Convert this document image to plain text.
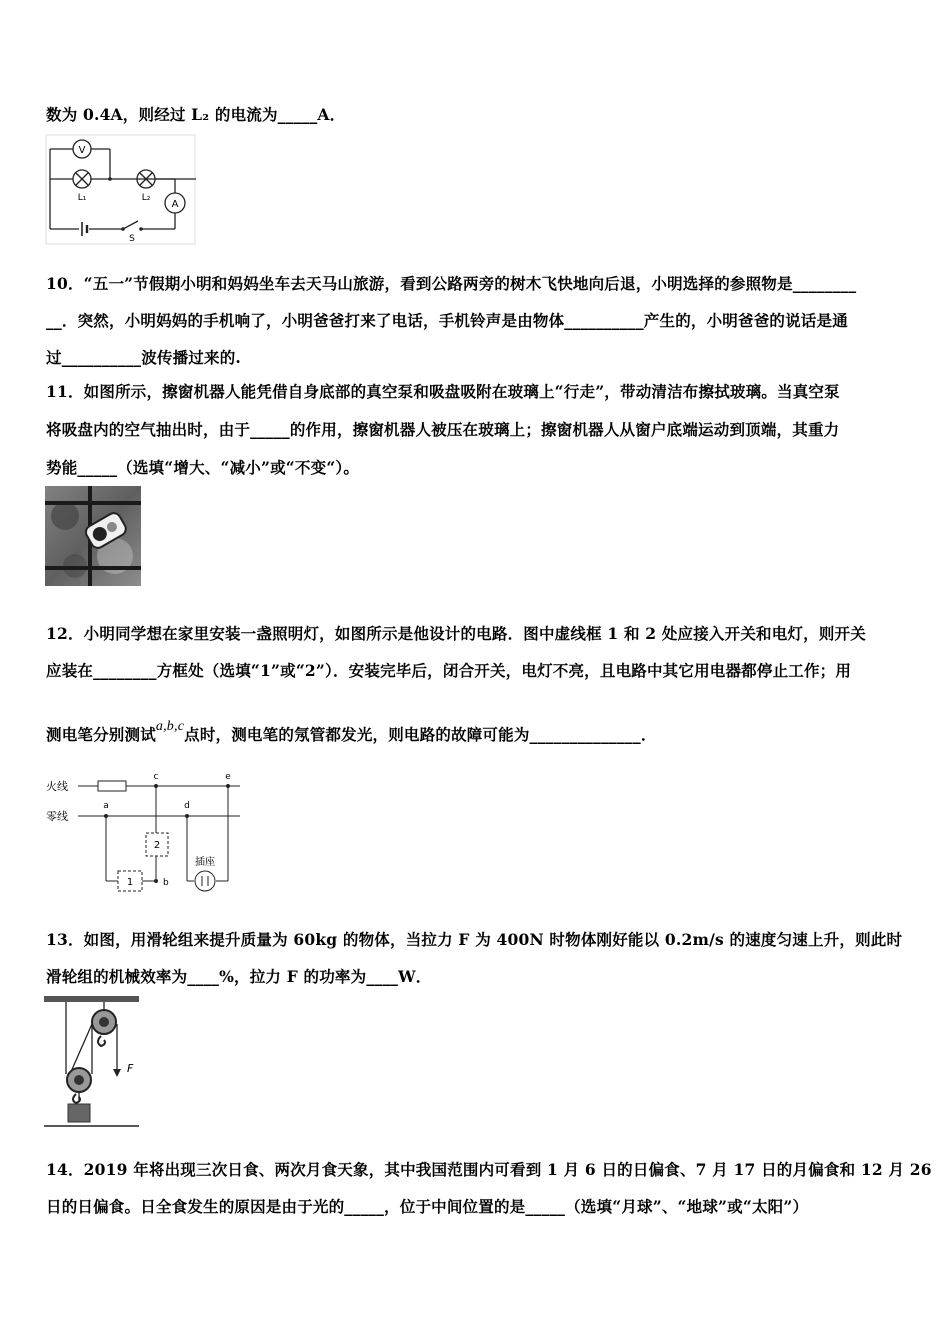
数为 0.4A，则经过 L₂ 的电流为_____A．
V
A
L₁	L₂
S
10．“五一”节假期小明和妈妈坐车去天马山旅游，看到公路两旁的树木飞快地向后退，小明选择的参照物是________
__．突然，小明妈妈的手机响了，小明爸爸打来了电话，手机铃声是由物体__________产生的，小明爸爸的说话是通
过__________波传播过来的.
11．如图所示，擦窗机器人能凭借自身底部的真空泵和吸盘吸附在玻璃上“行走”，带动清洁布擦拭玻璃。当真空泵
将吸盘内的空气抽出时，由于_____的作用，擦窗机器人被压在玻璃上；擦窗机器人从窗户底端运动到顶端，其重力
势能_____（选填“增大、“减小”或“不变“）。
12．小明同学想在家里安装一盏照明灯，如图所示是他设计的电路．图中虚线框 1 和 2 处应接入开关和电灯，则开关
应装在________方框处（选填“1”或“2”）．安装完毕后，闭合开关，电灯不亮，且电路中其它用电器都停止工作；用
测电笔分别测试a,b,c点时，测电笔的氖管都发光，则电路的故障可能为______________．
火线
零线
a
b
c
d
e
1
2
插座
13．如图，用滑轮组来提升质量为 60kg 的物体，当拉力 F 为 400N 时物体刚好能以 0.2m/s 的速度匀速上升，则此时
滑轮组的机械效率为____%，拉力 F 的功率为____W．
F
14．2019 年将出现三次日食、两次月食天象，其中我国范围内可看到 1 月 6 日的日偏食、7 月 17 日的月偏食和 12 月 26
日的日偏食。日全食发生的原因是由于光的_____，位于中间位置的是_____（选填“月球”、“地球”或“太阳”）
